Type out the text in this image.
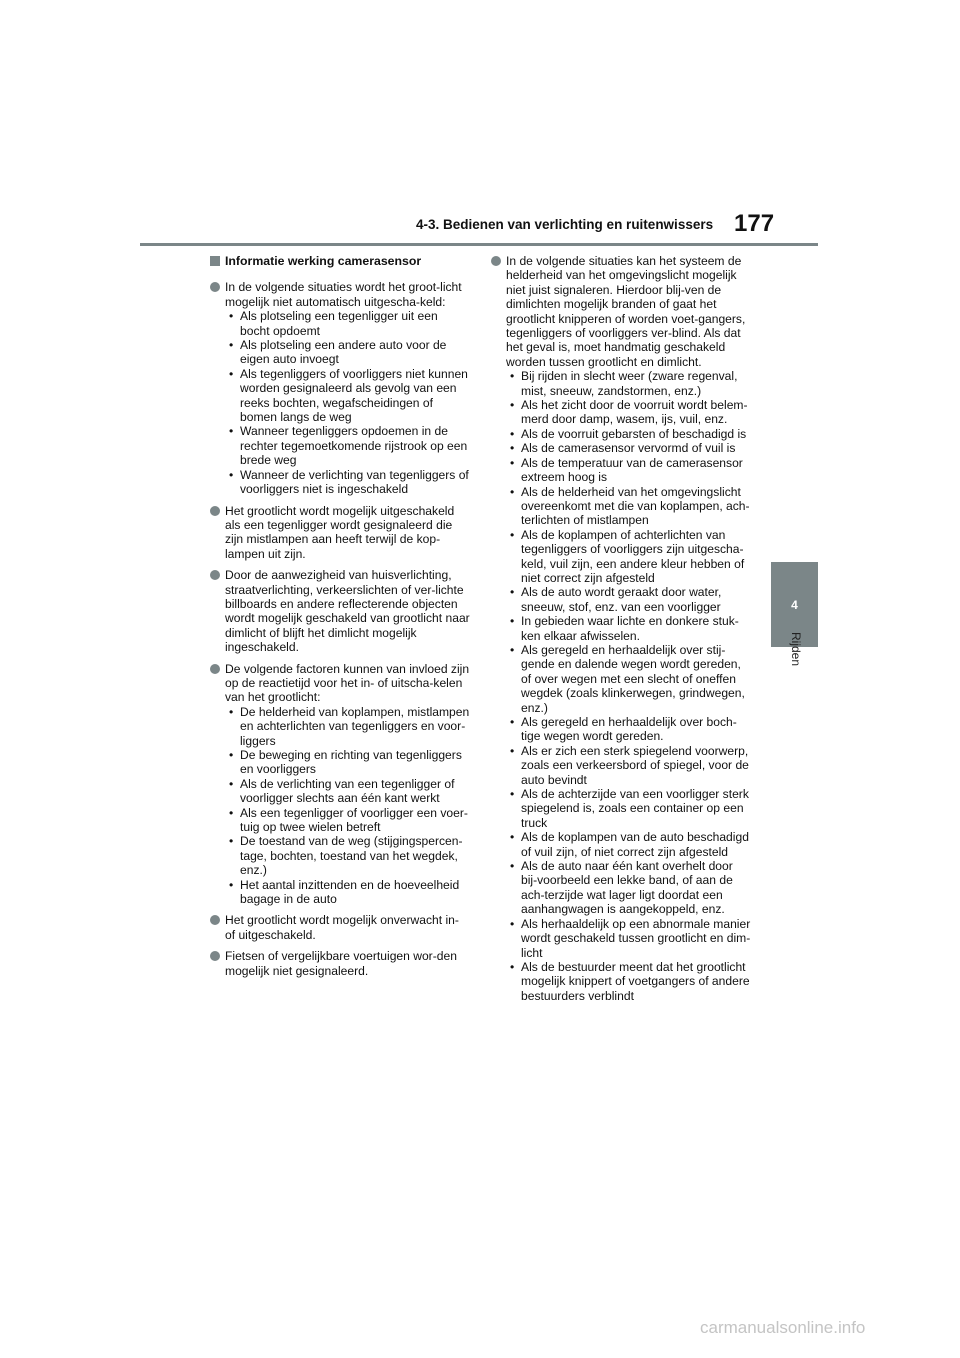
4-3. Bedienen van verlichting en ruitenwissers 177
4
Rijden
Informatie werking camerasensor
In de volgende situaties wordt het groot-licht mogelijk niet automatisch uitgescha-keld:
• Als plotseling een tegenligger uit een bocht opdoemt
• Als plotseling een andere auto voor de eigen auto invoegt
• Als tegenliggers of voorliggers niet kunnen worden gesignaleerd als gevolg van een reeks bochten, wegafscheidingen of bomen langs de weg
• Wanneer tegenliggers opdoemen in de rechter tegemoetkomende rijstrook op een brede weg
• Wanneer de verlichting van tegenliggers of voorliggers niet is ingeschakeld
Het grootlicht wordt mogelijk uitgeschakeld als een tegenligger wordt gesignaleerd die zijn mistlampen aan heeft terwijl de kop-lampen uit zijn.
Door de aanwezigheid van huisverlichting, straatverlichting, verkeerslichten of ver-lichte billboards en andere reflecterende objecten wordt mogelijk geschakeld van grootlicht naar dimlicht of blijft het dimlicht mogelijk ingeschakeld.
De volgende factoren kunnen van invloed zijn op de reactietijd voor het in- of uitscha-kelen van het grootlicht:
• De helderheid van koplampen, mistlampen en achterlichten van tegenliggers en voor-liggers
• De beweging en richting van tegenliggers en voorliggers
• Als de verlichting van een tegenligger of voorligger slechts aan één kant werkt
• Als een tegenligger of voorligger een voer-tuig op twee wielen betreft
• De toestand van de weg (stijgingspercen-tage, bochten, toestand van het wegdek, enz.)
• Het aantal inzittenden en de hoeveelheid bagage in de auto
Het grootlicht wordt mogelijk onverwacht in- of uitgeschakeld.
Fietsen of vergelijkbare voertuigen wor-den mogelijk niet gesignaleerd.
In de volgende situaties kan het systeem de helderheid van het omgevingslicht mogelijk niet juist signaleren. Hierdoor blij-ven de dimlichten mogelijk branden of gaat het grootlicht knipperen of worden voet-gangers, tegenliggers of voorliggers ver-blind. Als dat het geval is, moet handmatig geschakeld worden tussen grootlicht en dimlicht.
• Bij rijden in slecht weer (zware regenval, mist, sneeuw, zandstormen, enz.)
• Als het zicht door de voorruit wordt belem-merd door damp, wasem, ijs, vuil, enz.
• Als de voorruit gebarsten of beschadigd is
• Als de camerasensor vervormd of vuil is
• Als de temperatuur van de camerasensor extreem hoog is
• Als de helderheid van het omgevingslicht overeenkomt met die van koplampen, ach-terlichten of mistlampen
• Als de koplampen of achterlichten van tegenliggers of voorliggers zijn uitgescha-keld, vuil zijn, een andere kleur hebben of niet correct zijn afgesteld
• Als de auto wordt geraakt door water, sneeuw, stof, enz. van een voorligger
• In gebieden waar lichte en donkere stuk-ken elkaar afwisselen.
• Als geregeld en herhaaldelijk over stij-gende en dalende wegen wordt gereden, of over wegen met een slecht of oneffen wegdek (zoals klinkerwegen, grindwegen, enz.)
• Als geregeld en herhaaldelijk over boch-tige wegen wordt gereden.
• Als er zich een sterk spiegelend voorwerp, zoals een verkeersbord of spiegel, voor de auto bevindt
• Als de achterzijde van een voorligger sterk spiegelend is, zoals een container op een truck
• Als de koplampen van de auto beschadigd of vuil zijn, of niet correct zijn afgesteld
• Als de auto naar één kant overhelt door bij-voorbeeld een lekke band, of aan de ach-terzijde wat lager ligt doordat een aanhangwagen is aangekoppeld, enz.
• Als herhaaldelijk op een abnormale manier wordt geschakeld tussen grootlicht en dim-licht
• Als de bestuurder meent dat het grootlicht mogelijk knippert of voetgangers of andere bestuurders verblindt
carmanualsonline.info
